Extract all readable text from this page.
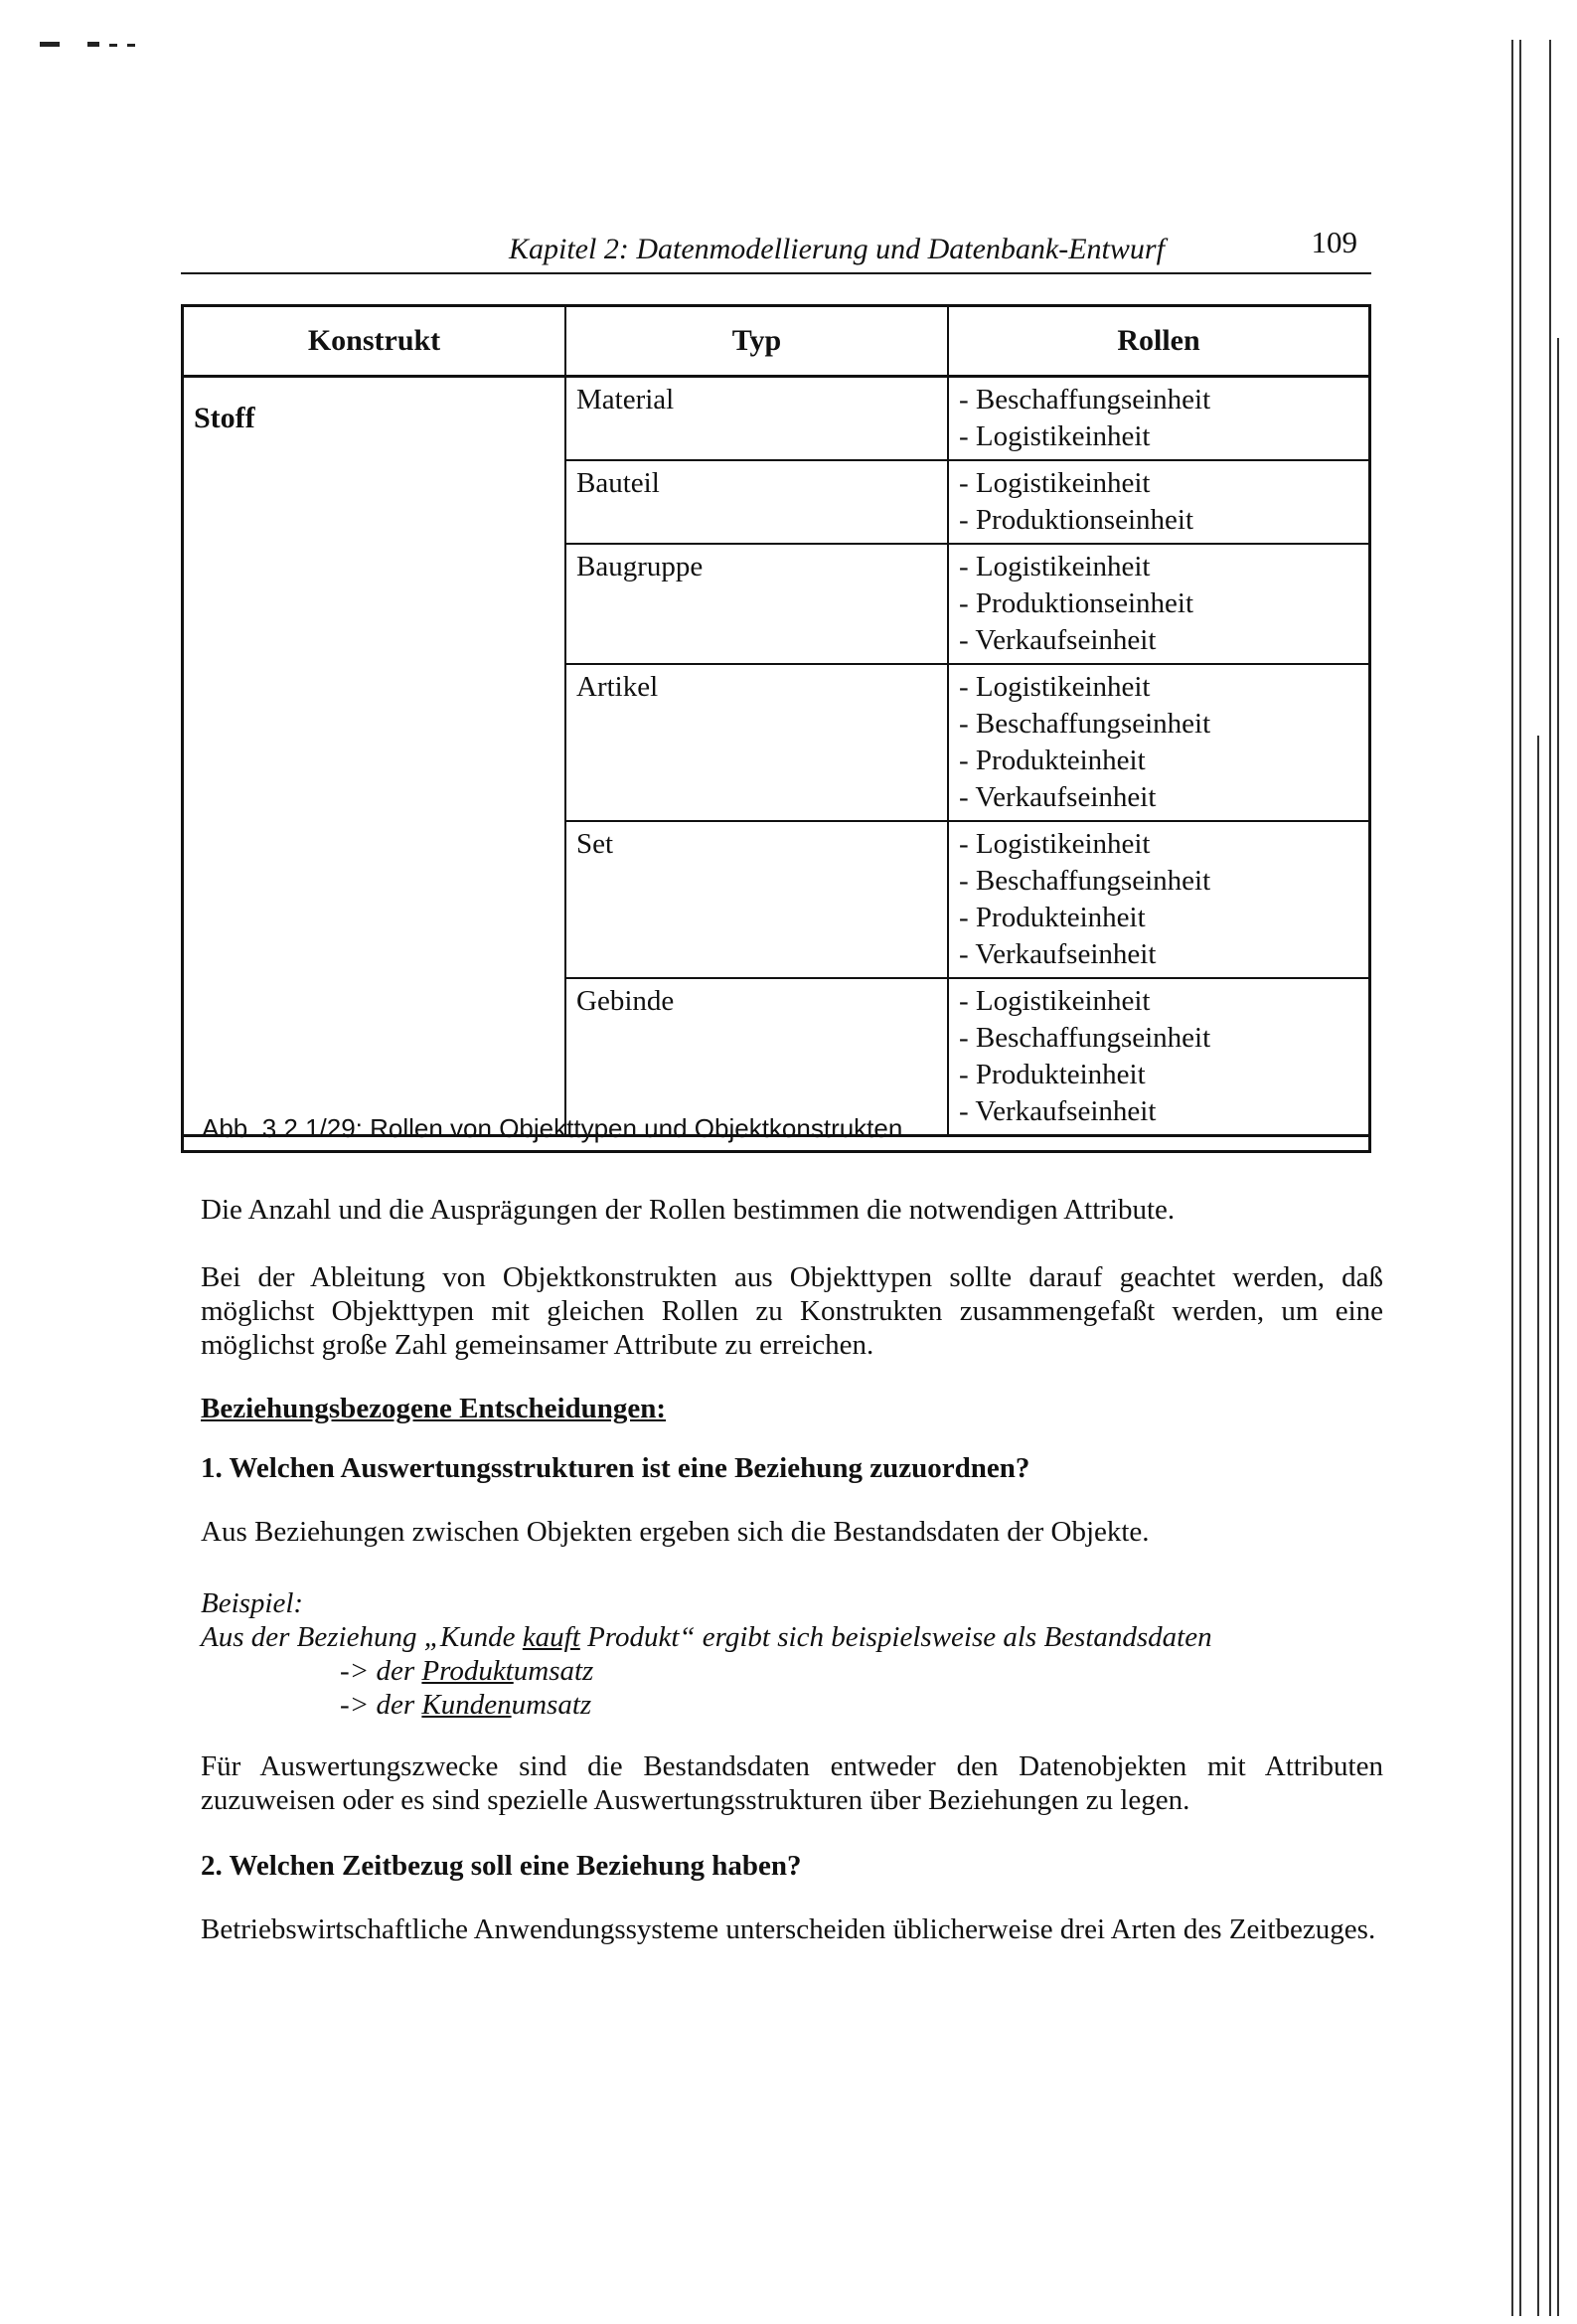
Kapitel 2: Datenmodellierung und Datenbank-Entwurf	109
Konstrukt	Typ	Rollen
Stoff	Material	- Beschaffungseinheit
- Logistikeinheit

	Bauteil	- Logistikeinheit
- Produktionseinheit

	Baugruppe	- Logistikeinheit
- Produktionseinheit
- Verkaufseinheit

	Artikel	- Logistikeinheit
- Beschaffungseinheit
- Produkteinheit
- Verkaufseinheit

	Set	- Logistikeinheit
- Beschaffungseinheit
- Produkteinheit
- Verkaufseinheit

	Gebinde	- Logistikeinheit
- Beschaffungseinheit
- Produkteinheit
- Verkaufseinheit
Abb. 3.2.1/29: Rollen von Objekttypen und Objektkonstrukten

Die Anzahl und die Ausprägungen der Rollen bestimmen die notwendigen Attribute.

Bei der Ableitung von Objektkonstrukten aus Objekttypen sollte darauf geachtet werden, daß möglichst Objekttypen mit gleichen Rollen zu Konstrukten zusammengefaßt werden, um eine möglichst große Zahl gemeinsamer Attribute zu erreichen.

Beziehungsbezogene Entscheidungen:

1. Welchen Auswertungsstrukturen ist eine Beziehung zuzuordnen?

Aus Beziehungen zwischen Objekten ergeben sich die Bestandsdaten der Objekte.

Beispiel:
Aus der Beziehung „Kunde kauft Produkt“ ergibt sich beispielsweise als Bestandsdaten
-> der Produktumsatz
-> der Kundenumsatz

Für Auswertungszwecke sind die Bestandsdaten entweder den Datenobjekten mit Attributen zuzuweisen oder es sind spezielle Auswertungsstrukturen über Beziehungen zu legen.

2. Welchen Zeitbezug soll eine Beziehung haben?

Betriebswirtschaftliche Anwendungssysteme unterscheiden üblicherweise drei Arten des Zeitbezuges.
